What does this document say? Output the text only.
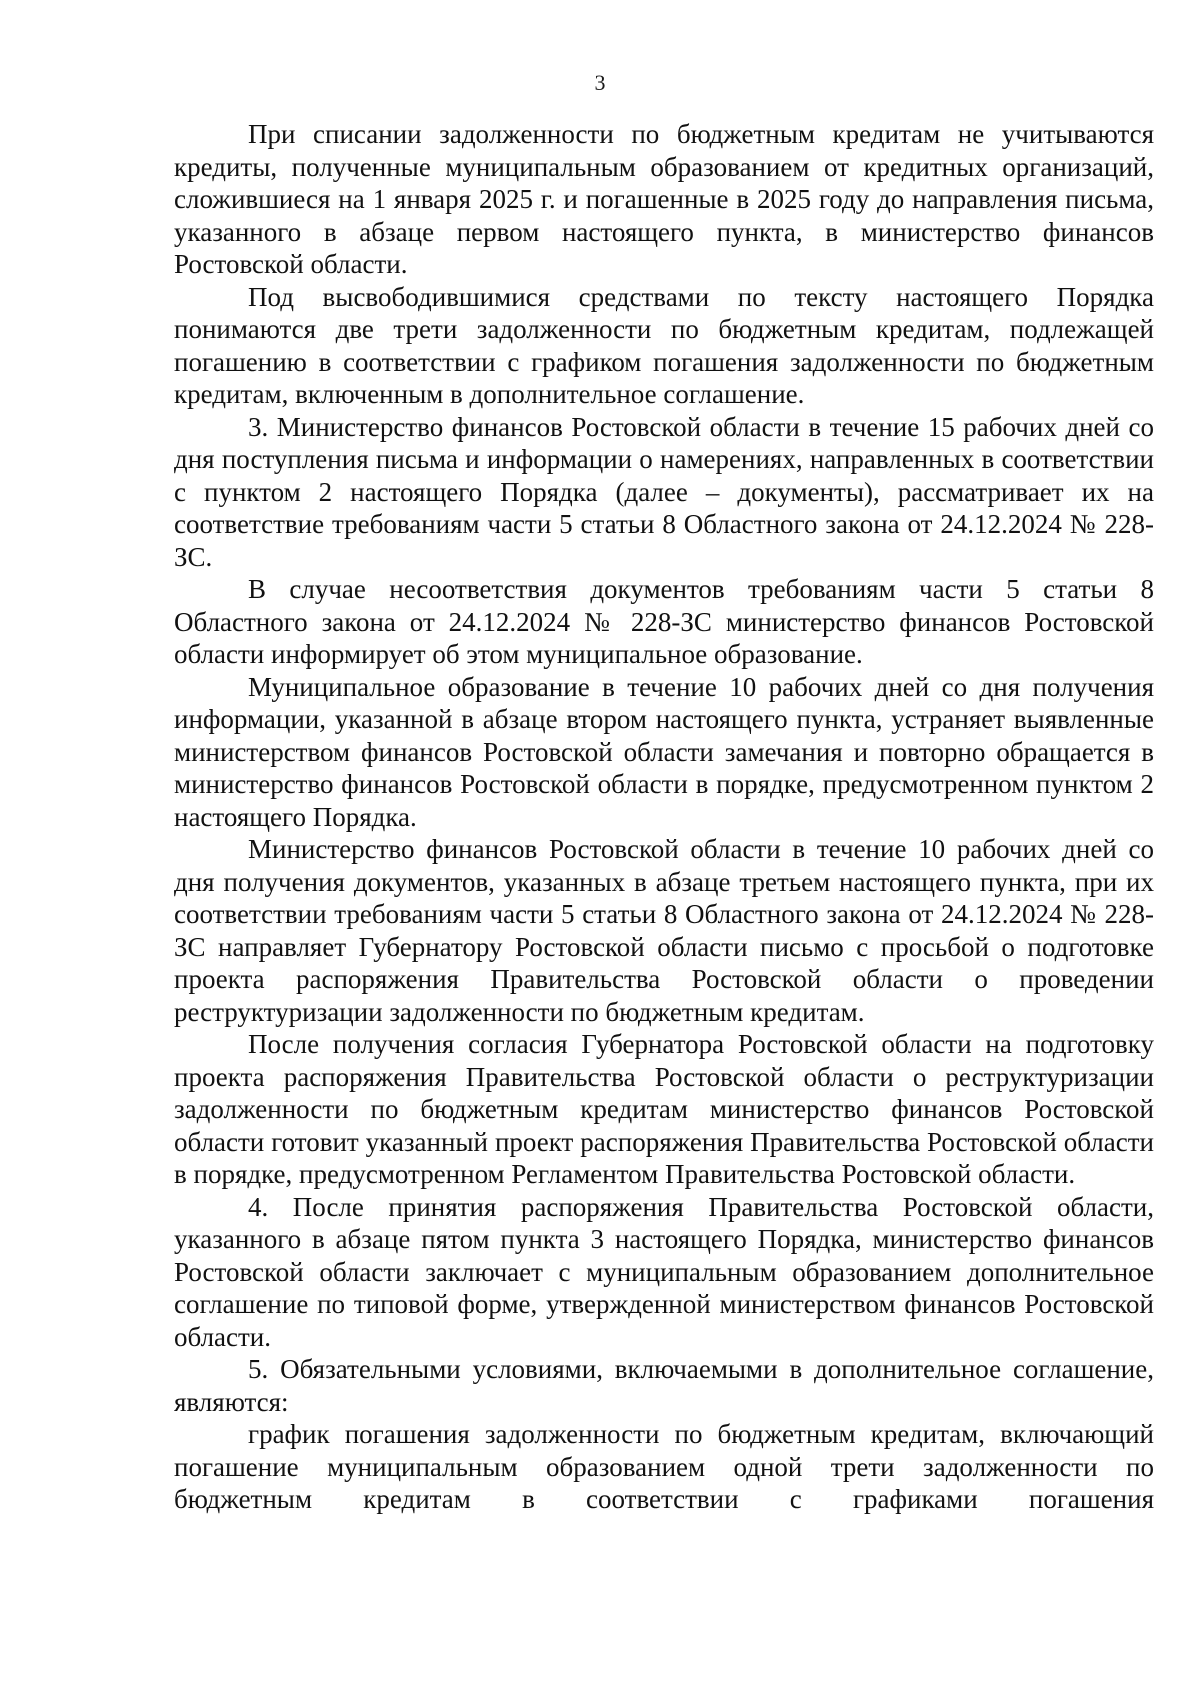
3

При списании задолженности по бюджетным кредитам не учитываются кредиты, полученные муниципальным образованием от кредитных организаций, сложившиеся на 1 января 2025 г. и погашенные в 2025 году до направления письма, указанного в абзаце первом настоящего пункта, в министерство финансов Ростовской области.

Под высвободившимися средствами по тексту настоящего Порядка понимаются две трети задолженности по бюджетным кредитам, подлежащей погашению в соответствии с графиком погашения задолженности по бюджетным кредитам, включенным в дополнительное соглашение.

3. Министерство финансов Ростовской области в течение 15 рабочих дней со дня поступления письма и информации о намерениях, направленных в соответствии с пунктом 2 настоящего Порядка (далее – документы), рассматривает их на соответствие требованиям части 5 статьи 8 Областного закона от 24.12.2024 № 228-ЗС.

В случае несоответствия документов требованиям части 5 статьи 8 Областного закона от 24.12.2024 № 228-ЗС министерство финансов Ростовской области информирует об этом муниципальное образование.

Муниципальное образование в течение 10 рабочих дней со дня получения информации, указанной в абзаце втором настоящего пункта, устраняет выявленные министерством финансов Ростовской области замечания и повторно обращается в министерство финансов Ростовской области в порядке, предусмотренном пунктом 2 настоящего Порядка.

Министерство финансов Ростовской области в течение 10 рабочих дней со дня получения документов, указанных в абзаце третьем настоящего пункта, при их соответствии требованиям части 5 статьи 8 Областного закона от 24.12.2024 № 228-ЗС направляет Губернатору Ростовской области письмо с просьбой о подготовке проекта распоряжения Правительства Ростовской области о проведении реструктуризации задолженности по бюджетным кредитам.

После получения согласия Губернатора Ростовской области на подготовку проекта распоряжения Правительства Ростовской области о реструктуризации задолженности по бюджетным кредитам министерство финансов Ростовской области готовит указанный проект распоряжения Правительства Ростовской области в порядке, предусмотренном Регламентом Правительства Ростовской области.

4. После принятия распоряжения Правительства Ростовской области, указанного в абзаце пятом пункта 3 настоящего Порядка, министерство финансов Ростовской области заключает с муниципальным образованием дополнительное соглашение по типовой форме, утвержденной министерством финансов Ростовской области.

5. Обязательными условиями, включаемыми в дополнительное соглашение, являются:

график погашения задолженности по бюджетным кредитам, включающий погашение муниципальным образованием одной трети задолженности по бюджетным кредитам в соответствии с графиками погашения
